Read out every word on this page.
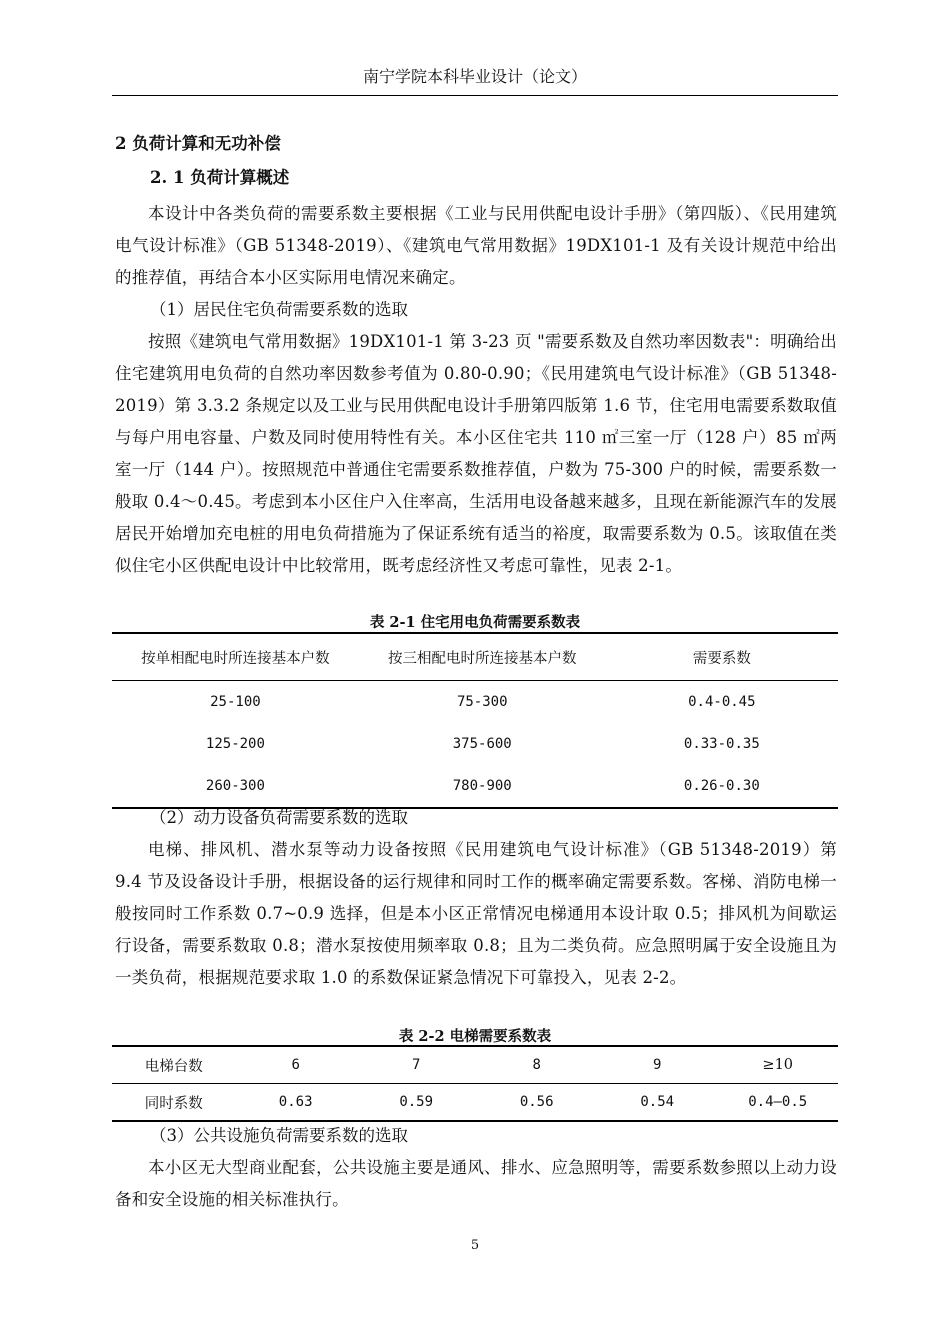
南宁学院本科毕业设计（论文）
2 负荷计算和无功补偿
2. 1 负荷计算概述
本设计中各类负荷的需要系数主要根据《工业与民用供配电设计手册》（第四版）、《民用建筑电气设计标准》（GB 51348-2019）、《建筑电气常用数据》19DX101-1 及有关设计规范中给出的推荐值，再结合本小区实际用电情况来确定。
（1）居民住宅负荷需要系数的选取
按照《建筑电气常用数据》19DX101-1 第 3-23 页 "需要系数及自然功率因数表"：明确给出住宅建筑用电负荷的自然功率因数参考值为 0.80-0.90；《民用建筑电气设计标准》（GB 51348-2019）第 3.3.2 条规定以及工业与民用供配电设计手册第四版第 1.6 节，住宅用电需要系数取值与每户用电容量、户数及同时使用特性有关。本小区住宅共 110 ㎡三室一厅（128 户）85 ㎡两室一厅（144 户）。按照规范中普通住宅需要系数推荐值，户数为 75-300 户的时候，需要系数一般取 0.4～0.45。考虑到本小区住户入住率高，生活用电设备越来越多，且现在新能源汽车的发展居民开始增加充电桩的用电负荷措施为了保证系统有适当的裕度，取需要系数为 0.5。该取值在类似住宅小区供配电设计中比较常用，既考虑经济性又考虑可靠性，见表 2-1。
表 2-1 住宅用电负荷需要系数表
按单相配电时所连接基本户数	按三相配电时所连接基本户数	需要系数
25-100	75-300	0.4-0.45
125-200	375-600	0.33-0.35
260-300	780-900	0.26-0.30
（2）动力设备负荷需要系数的选取
电梯、排风机、潜水泵等动力设备按照《民用建筑电气设计标准》（GB 51348-2019）第 9.4 节及设备设计手册，根据设备的运行规律和同时工作的概率确定需要系数。客梯、消防电梯一般按同时工作系数 0.7~0.9 选择，但是本小区正常情况电梯通用本设计取 0.5；排风机为间歇运行设备，需要系数取 0.8；潜水泵按使用频率取 0.8；且为二类负荷。应急照明属于安全设施且为一类负荷，根据规范要求取 1.0 的系数保证紧急情况下可靠投入，见表 2-2。
表 2-2 电梯需要系数表
电梯台数	6	7	8	9	≥10
同时系数	0.63	0.59	0.56	0.54	0.4—0.5
（3）公共设施负荷需要系数的选取
本小区无大型商业配套，公共设施主要是通风、排水、应急照明等，需要系数参照以上动力设备和安全设施的相关标准执行。
5
